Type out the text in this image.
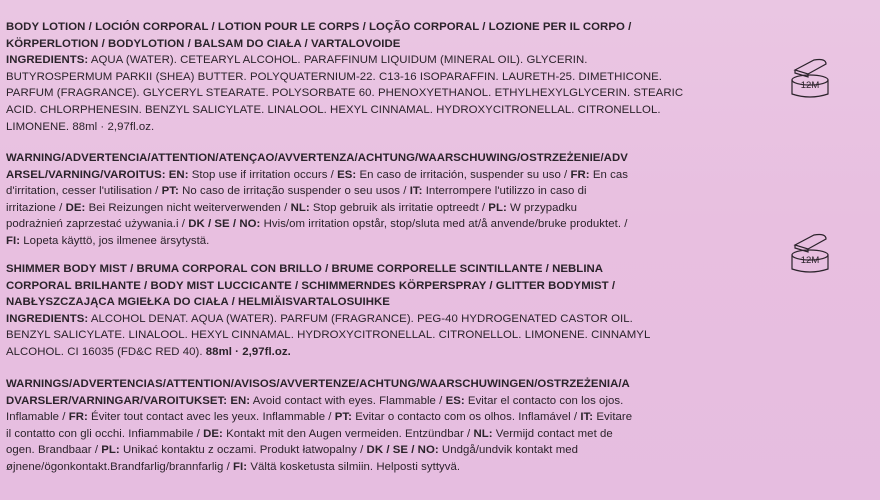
BODY LOTION / LOCIÓN CORPORAL / LOTION POUR LE CORPS / LOÇÃO CORPORAL / LOZIONE PER IL CORPO /
KÖRPERLOTION / BODYLOTION / BALSAM DO CIAŁA / VARTALOVOIDE

INGREDIENTS: AQUA (WATER). CETEARYL ALCOHOL. PARAFFINUM LIQUIDUM (MINERAL OIL). GLYCERIN.
BUTYROSPERMUM PARKII (SHEA) BUTTER. POLYQUATERNIUM-22. C13-16 ISOPARAFFIN. LAURETH-25. DIMETHICONE.
PARFUM (FRAGRANCE). GLYCERYL STEARATE. POLYSORBATE 60. PHENOXYETHANOL. ETHYLHEXYLGLYCERIN. STEARIC
ACID. CHLORPHENESIN. BENZYL SALICYLATE. LINALOOL. HEXYL CINNAMAL. HYDROXYCITRONELLAL. CITRONELLOL.
LIMONENE. 88ml · 2,97fl.oz.

12M

WARNING/ADVERTENCIA/ATTENTION/ATENÇAO/AVVERTENZA/ACHTUNG/WAARSCHUWING/OSTRZEŻENIE/ADV
ARSEL/VARNING/VAROITUS: EN: Stop use if irritation occurs / ES: En caso de irritación, suspender su uso / FR: En cas
d'irritation, cesser l'utilisation / PT: No caso de irritação suspender o seu usos / IT: Interrompere l'utilizzo in caso di
irritazione / DE: Bei Reizungen nicht weiterverwenden / NL: Stop gebruik als irritatie optreedt / PL: W przypadku
podrażnień zaprzestać używania.i / DK / SE / NO: Hvis/om irritation opstår, stop/sluta med at/å anvende/bruke produktet. /
FI: Lopeta käyttö, jos ilmenee ärsytystä.

12M

SHIMMER BODY MIST / BRUMA CORPORAL CON BRILLO / BRUME CORPORELLE SCINTILLANTE / NEBLINA
CORPORAL BRILHANTE / BODY MIST LUCCICANTE / SCHIMMERNDES KÖRPERSPRAY / GLITTER BODYMIST /
NABŁYSZCZAJĄCA MGIEŁKA DO CIAŁA / HELMIÄISVARTALOSUIHKE

INGREDIENTS: ALCOHOL DENAT. AQUA (WATER). PARFUM (FRAGRANCE). PEG-40 HYDROGENATED CASTOR OIL.
BENZYL SALICYLATE. LINALOOL. HEXYL CINNAMAL. HYDROXYCITRONELLAL. CITRONELLOL. LIMONENE. CINNAMYL
ALCOHOL. CI 16035 (FD&C RED 40). 88ml · 2,97fl.oz.

WARNINGS/ADVERTENCIAS/ATTENTION/AVISOS/AVVERTENZE/ACHTUNG/WAARSCHUWINGEN/OSTRZEŻENIA/A
DVARSLER/VARNINGAR/VAROITUKSET: EN: Avoid contact with eyes. Flammable / ES: Evitar el contacto con los ojos.
Inflamable / FR: Éviter tout contact avec les yeux. Inflammable / PT: Evitar o contacto com os olhos. Inflamável / IT: Evitare
il contatto con gli occhi. Infiammabile / DE: Kontakt mit den Augen vermeiden. Entzündbar / NL: Vermijd contact met de
ogen. Brandbaar / PL: Unikać kontaktu z oczami. Produkt łatwopalny / DK / SE / NO: Undgå/undvik kontakt med
øjnene/ögonkontakt.Brandfarlig/brannfarlig / FI: Vältä kosketusta silmiin. Helposti syttyvä.
